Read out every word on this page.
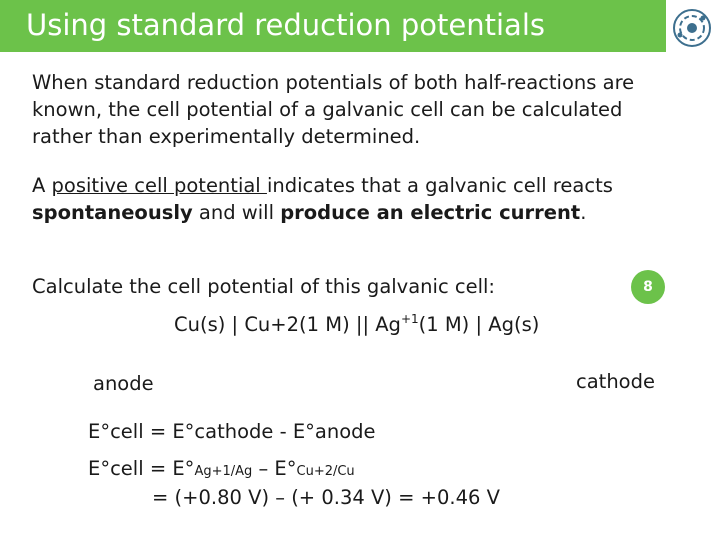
Using standard reduction potentials

When standard reduction potentials of both half-reactions are known, the cell potential of a galvanic cell can be calculated rather than experimentally determined.

A positive cell potential indicates that a galvanic cell reacts spontaneously and will produce an electric current.

Calculate the cell potential of this galvanic cell:	8
Cu(s) | Cu+2(1 M) || $Ag^{+1}(1$ M) | Ag(s)
anode	cathode
E°cell = E°cathode - E°anode
E°cell = E°Ag+1/Ag – E°Cu+2/Cu
= (+0.80 V) – (+ 0.34 V) = +0.46 V
